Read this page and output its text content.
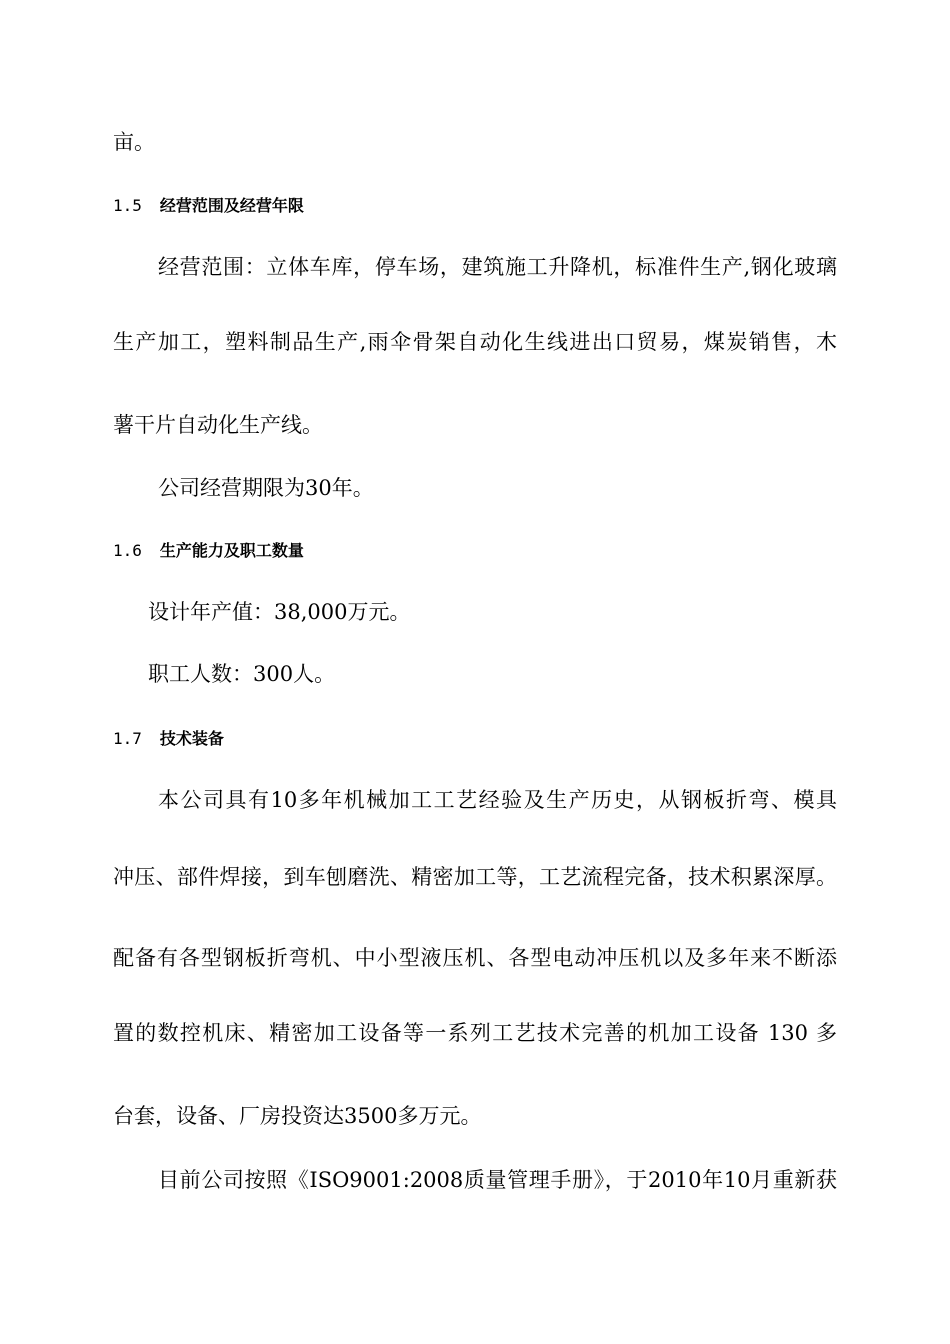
亩。
1.5 经营范围及经营年限
经营范围：立体车库，停车场，建筑施工升降机，标准件生产,钢化玻璃
生产加工，塑料制品生产,雨伞骨架自动化生线进出口贸易，煤炭销售，木
薯干片自动化生产线。
公司经营期限为30年。
1.6 生产能力及职工数量
设计年产值：38,000万元。
职工人数：300人。
1.7 技术装备
本公司具有10多年机械加工工艺经验及生产历史，从钢板折弯、模具
冲压、部件焊接，到车刨磨洗、精密加工等，工艺流程完备，技术积累深厚。
配备有各型钢板折弯机、中小型液压机、各型电动冲压机以及多年来不断添
置的数控机床、精密加工设备等一系列工艺技术完善的机加工设备 130 多
台套，设备、厂房投资达3500多万元。
目前公司按照《ISO9001:2008质量管理手册》，于2010年10月重新获
